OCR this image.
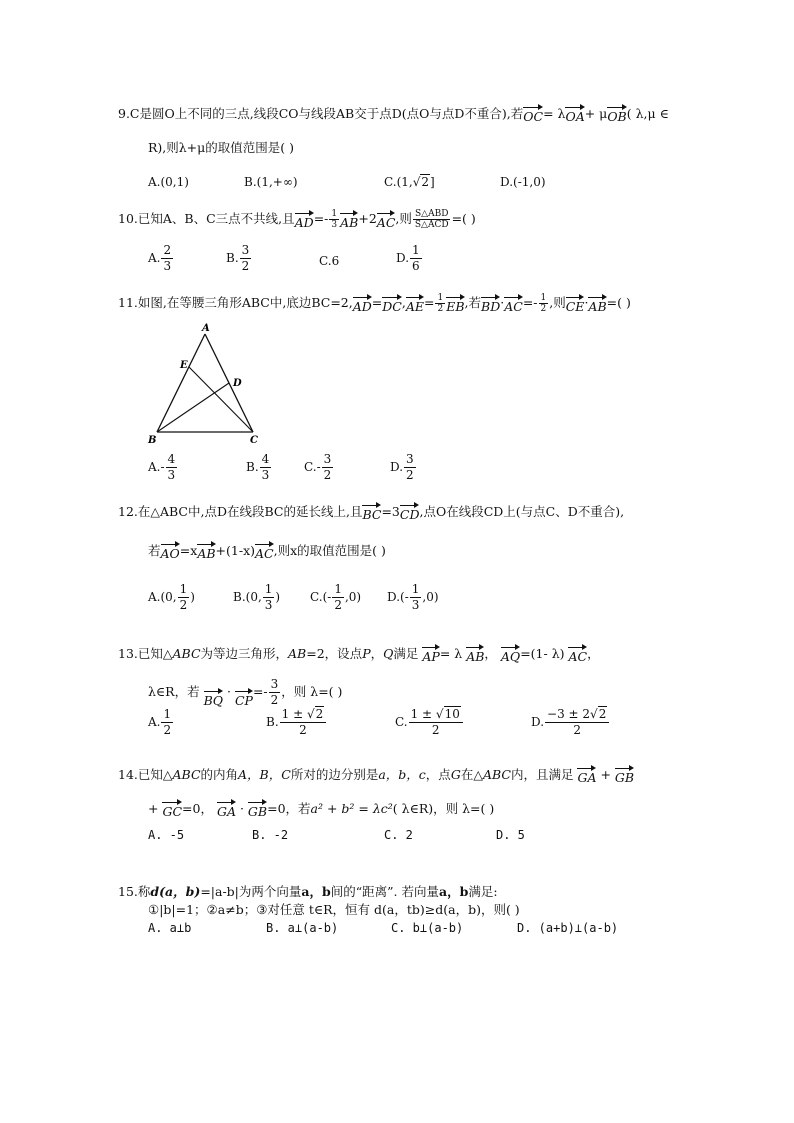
9.C是圆O上不同的三点,线段CO与线段AB交于点D(点O与点D不重合),若OC= λOA+ μOB( λ,μ ∈
R),则λ+μ的取值范围是( )
A.(0,1)	B.(1,+∞)	C.(1,√2]	D.(-1,0)
10.已知A、B、C三点不共线,且$AD=- \frac{1}{3} AB+2AC$,则 $\frac{\text{S△ABD}}{\text{S△ACD}}$ =( )
A. $\frac{2}{3}$	B. $\frac{3}{2}$	C.6	D. $\frac{1}{6}$
11.如图,在等腰三角形ABC中,底边$BC=2,AD=DC,AE= \frac{1}{2}$ EB,若$BD\cdot AC=- \frac{1}{2}$ ,则CE·AB=( )
A
E
D
B	C
$A.- \frac{4}{3}$	B. $\frac{4}{3}$	$C.- \frac{3}{2}$	D. $\frac{3}{2}$
12.在△ABC中,点D在线段BC的延长线上,且BC=3CD,点O在线段CD上(与点C、D不重合),
若AO=xAB+(1-x)AC,则x的取值范围是( )
A.(0, $\frac{1}{2}$ )	B.(0, $\frac{1}{3}$ ) $C.(- \frac{1}{2} ,0)$ $D.(- \frac{1}{3} ,0)$
13.已知△ABC为等边三角形，AB=2，设点P，Q满足 AP= λ AB， AQ=(1- λ) AC，
λ∈R，若 BQ · $CP=- \frac{3}{2}$ ，则 λ=( )
A. $\frac{1}{2}$	B. $\frac{1 \pm √2}{2}$	C. $\frac{1 \pm √10}{2}$	D. $\frac{-3 \pm 2√2}{2}$
14.已知△ABC的内角A，B，C所对的边分别是a，b，c，点G在△ABC内，且满足 GA + GB
+ GC=0， GA · GB=0，若a² + b² = λc²( λ∈R)，则 λ=( )
A. -5	B. -2	C. 2	D. 5
15.称d(a，b)=|a-b|为两个向量a，b间的“距离”. 若向量a，b满足:
①|b|=1；②a≠b；③对任意 t∈R，恒有 d(a，tb)≥d(a，b)，则( )
A. a⊥b	B. a⊥(a-b)	C. b⊥(a-b)	D. (a+b)⊥(a-b)
